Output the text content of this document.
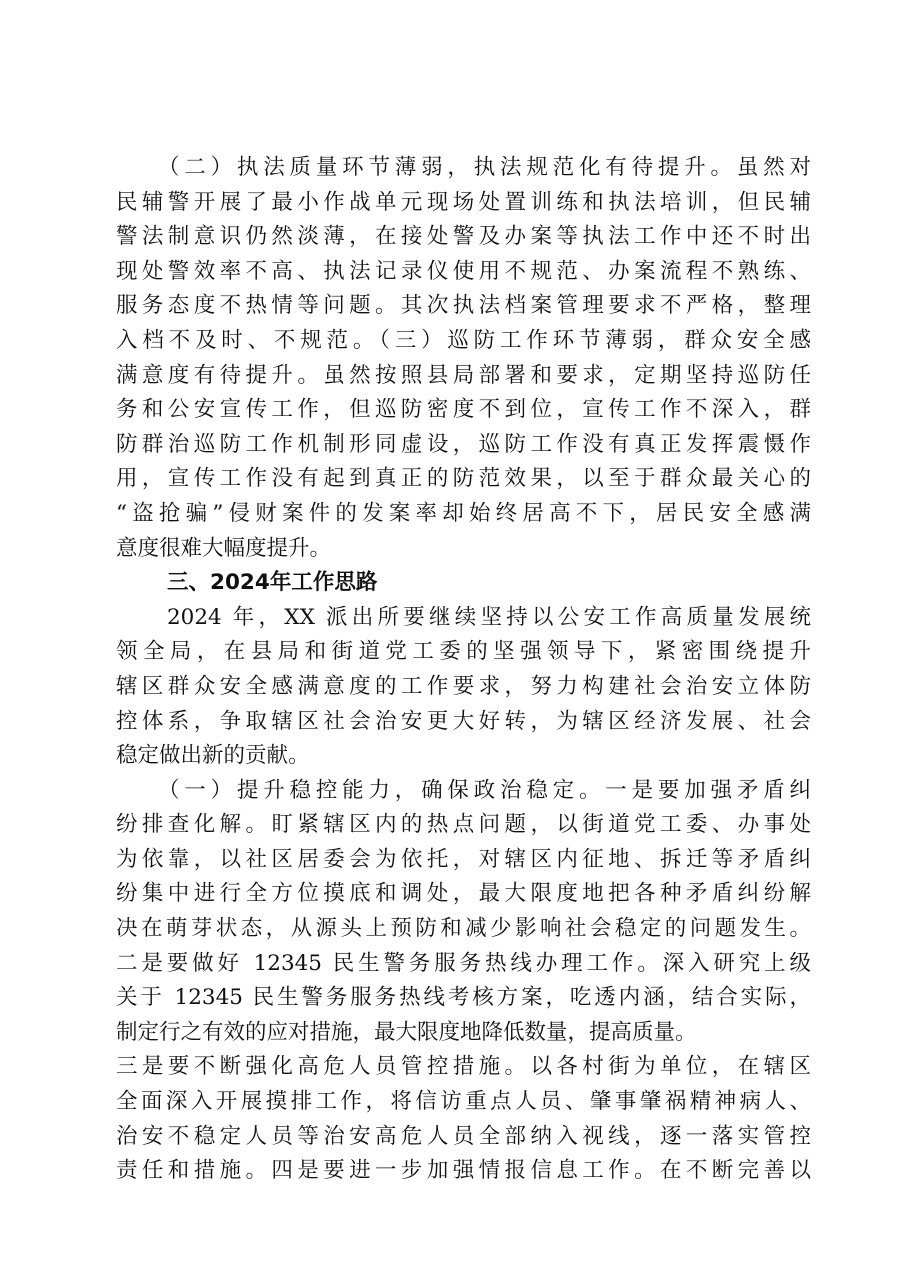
（二）执法质量环节薄弱，执法规范化有待提升。虽然对
民辅警开展了最小作战单元现场处置训练和执法培训，但民辅
警法制意识仍然淡薄，在接处警及办案等执法工作中还不时出
现处警效率不高、执法记录仪使用不规范、办案流程不熟练、
服务态度不热情等问题。其次执法档案管理要求不严格，整理
入档不及时、不规范。（三）巡防工作环节薄弱，群众安全感
满意度有待提升。虽然按照县局部署和要求，定期坚持巡防任
务和公安宣传工作，但巡防密度不到位，宣传工作不深入，群
防群治巡防工作机制形同虚设，巡防工作没有真正发挥震慑作
用，宣传工作没有起到真正的防范效果，以至于群众最关心的
“盗抢骗”侵财案件的发案率却始终居高不下，居民安全感满
意度很难大幅度提升。
三、2024年工作思路
2024 年，XX 派出所要继续坚持以公安工作高质量发展统
领全局，在县局和街道党工委的坚强领导下，紧密围绕提升
辖区群众安全感满意度的工作要求，努力构建社会治安立体防
控体系，争取辖区社会治安更大好转，为辖区经济发展、社会
稳定做出新的贡献。
（一）提升稳控能力，确保政治稳定。一是要加强矛盾纠
纷排查化解。盯紧辖区内的热点问题，以街道党工委、办事处
为依靠，以社区居委会为依托，对辖区内征地、拆迁等矛盾纠
纷集中进行全方位摸底和调处，最大限度地把各种矛盾纠纷解
决在萌芽状态，从源头上预防和减少影响社会稳定的问题发生。
二是要做好 12345 民生警务服务热线办理工作。深入研究上级
关于 12345 民生警务服务热线考核方案，吃透内涵，结合实际，
制定行之有效的应对措施，最大限度地降低数量，提高质量。
三是要不断强化高危人员管控措施。以各村街为单位，在辖区
全面深入开展摸排工作，将信访重点人员、肇事肇祸精神病人、
治安不稳定人员等治安高危人员全部纳入视线，逐一落实管控
责任和措施。四是要进一步加强情报信息工作。在不断完善以
